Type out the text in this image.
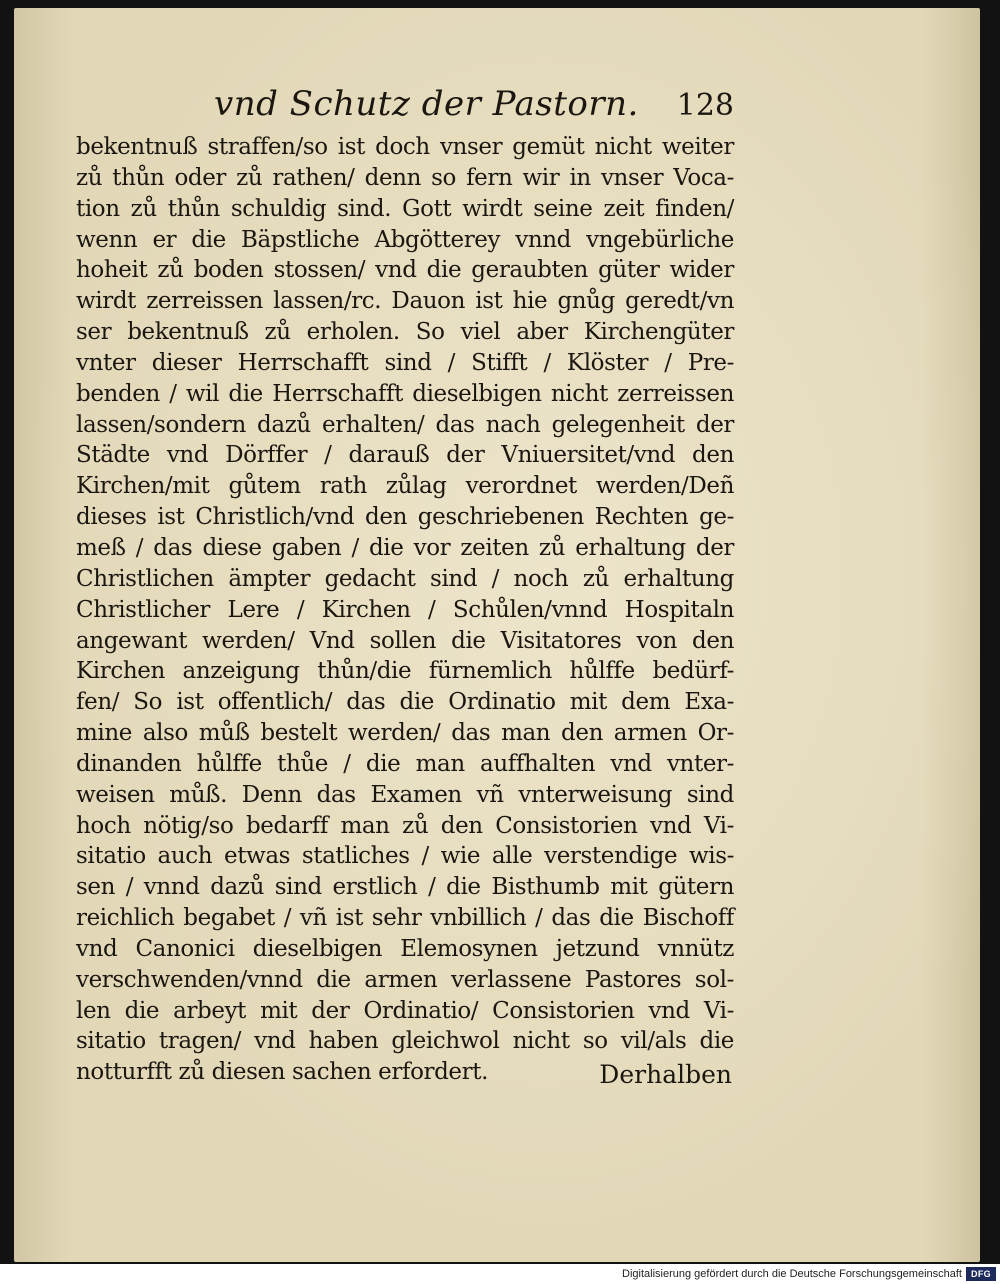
vnd Schutz der Pastorn. 128
bekentnuß straffen/so ist doch vnser gemüt nicht weiter
zů thůn oder zů rathen/ denn so fern wir in vnser Voca-
tion zů thůn schuldig sind. Gott wirdt seine zeit finden/
wenn er die Bäpstliche Abgötterey vnnd vngebürliche
hoheit zů boden stossen/ vnd die geraubten güter wider
wirdt zerreissen lassen/rc. Dauon ist hie gnůg geredt/vn
ser bekentnuß zů erholen. So viel aber Kirchengüter
vnter dieser Herrschafft sind / Stifft / Klöster / Pre-
benden / wil die Herrschafft dieselbigen nicht zerreissen
lassen/sondern dazů erhalten/ das nach gelegenheit der
Städte vnd Dörffer / darauß der Vniuersitet/vnd den
Kirchen/mit gůtem rath zůlag verordnet werden/Deñ
dieses ist Christlich/vnd den geschriebenen Rechten ge-
meß / das diese gaben / die vor zeiten zů erhaltung der
Christlichen ämpter gedacht sind / noch zů erhaltung
Christlicher Lere / Kirchen / Schůlen/vnnd Hospitaln
angewant werden/ Vnd sollen die Visitatores von den
Kirchen anzeigung thůn/die fürnemlich hůlffe bedürf-
fen/ So ist offentlich/ das die Ordinatio mit dem Exa-
mine also můß bestelt werden/ das man den armen Or-
dinanden hůlffe thůe / die man auffhalten vnd vnter-
weisen můß. Denn das Examen vñ vnterweisung sind
hoch nötig/so bedarff man zů den Consistorien vnd Vi-
sitatio auch etwas statliches / wie alle verstendige wis-
sen / vnnd dazů sind erstlich / die Bisthumb mit gütern
reichlich begabet / vñ ist sehr vnbillich / das die Bischoff
vnd Canonici dieselbigen Elemosynen jetzund vnnütz
verschwenden/vnnd die armen verlassene Pastores sol-
len die arbeyt mit der Ordinatio/ Consistorien vnd Vi-
sitatio tragen/ vnd haben gleichwol nicht so vil/als die
notturfft zů diesen sachen erfordert.	Derhalben
Digitalisierung gefördert durch die Deutsche Forschungsgemeinschaft	DFG
